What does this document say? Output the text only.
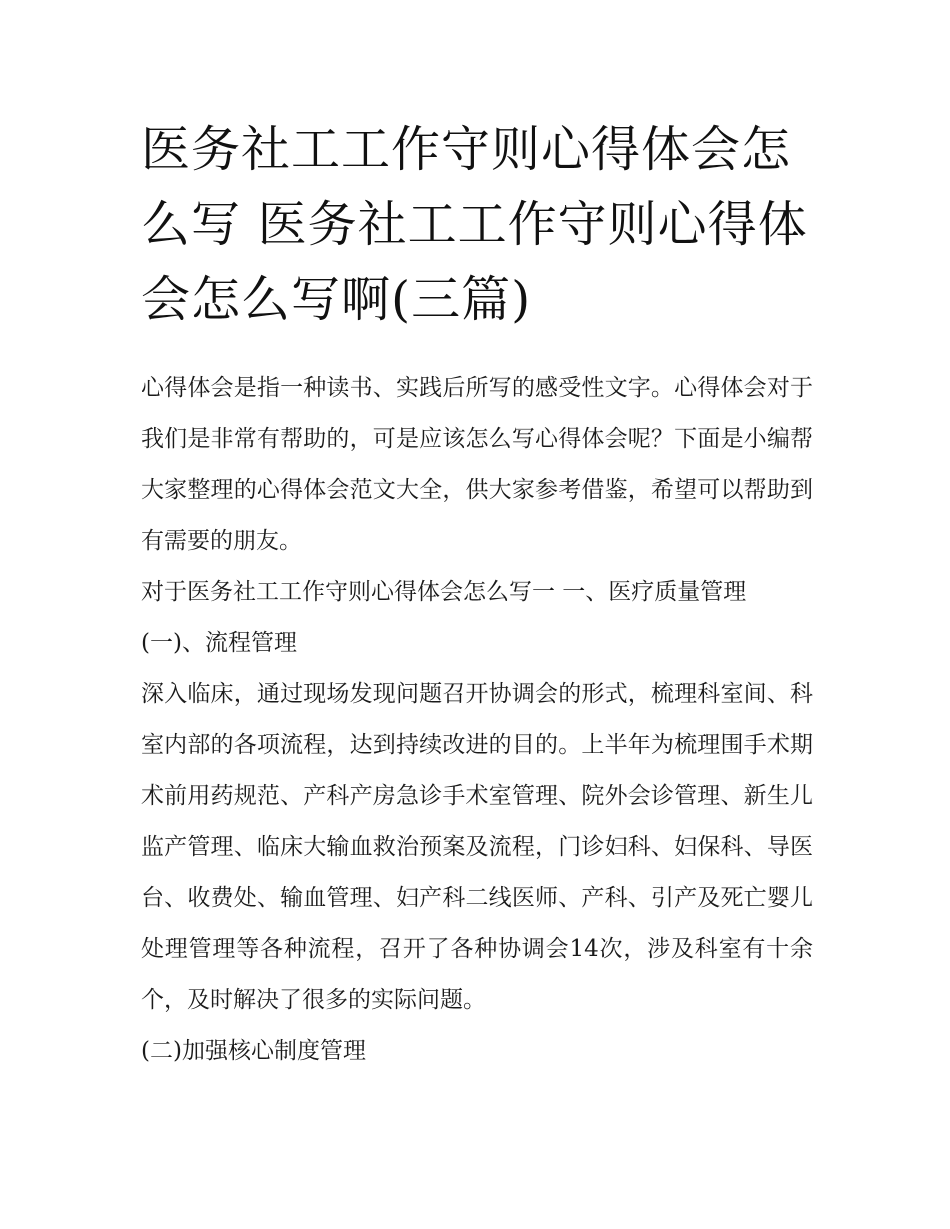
医务社工工作守则心得体会怎么写 医务社工工作守则心得体会怎么写啊(三篇)

心得体会是指一种读书、实践后所写的感受性文字。心得体会对于我们是非常有帮助的，可是应该怎么写心得体会呢？下面是小编帮大家整理的心得体会范文大全，供大家参考借鉴，希望可以帮助到有需要的朋友。

对于医务社工工作守则心得体会怎么写一 一、医疗质量管理

(一)、流程管理

深入临床，通过现场发现问题召开协调会的形式，梳理科室间、科室内部的各项流程，达到持续改进的目的。上半年为梳理围手术期术前用药规范、产科产房急诊手术室管理、院外会诊管理、新生儿监产管理、临床大输血救治预案及流程，门诊妇科、妇保科、导医台、收费处、输血管理、妇产科二线医师、产科、引产及死亡婴儿处理管理等各种流程，召开了各种协调会14次，涉及科室有十余个，及时解决了很多的实际问题。

(二)加强核心制度管理
